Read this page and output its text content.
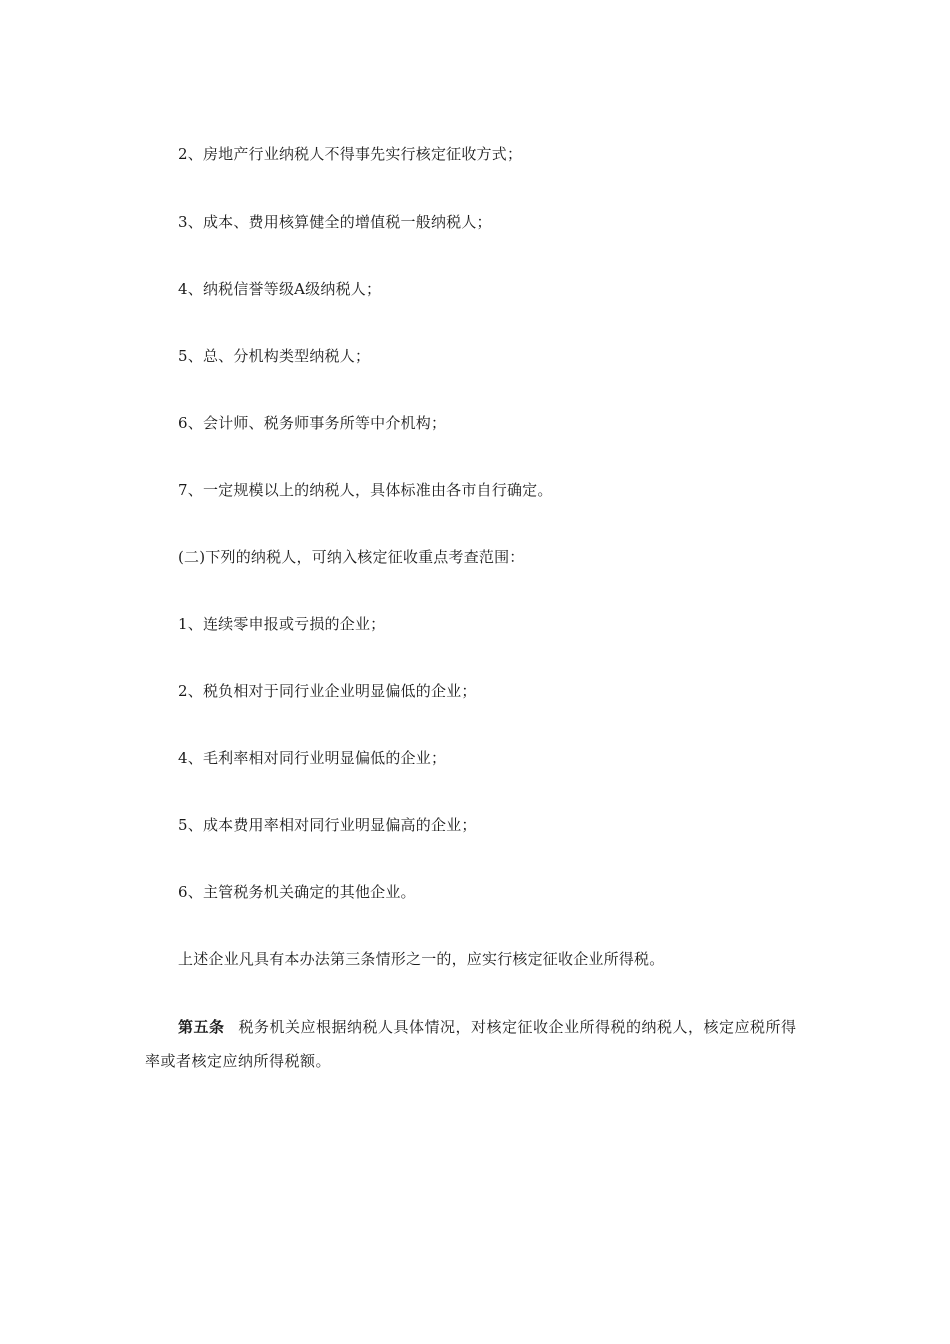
2、房地产行业纳税人不得事先实行核定征收方式；
3、成本、费用核算健全的增值税一般纳税人；
4、纳税信誉等级A级纳税人；
5、总、分机构类型纳税人；
6、会计师、税务师事务所等中介机构；
7、一定规模以上的纳税人，具体标准由各市自行确定。
(二)下列的纳税人，可纳入核定征收重点考查范围：
1、连续零申报或亏损的企业；
2、税负相对于同行业企业明显偏低的企业；
4、毛利率相对同行业明显偏低的企业；
5、成本费用率相对同行业明显偏高的企业；
6、主管税务机关确定的其他企业。
上述企业凡具有本办法第三条情形之一的，应实行核定征收企业所得税。
第五条 税务机关应根据纳税人具体情况，对核定征收企业所得税的纳税人，核定应税所得率或者核定应纳所得税额。
